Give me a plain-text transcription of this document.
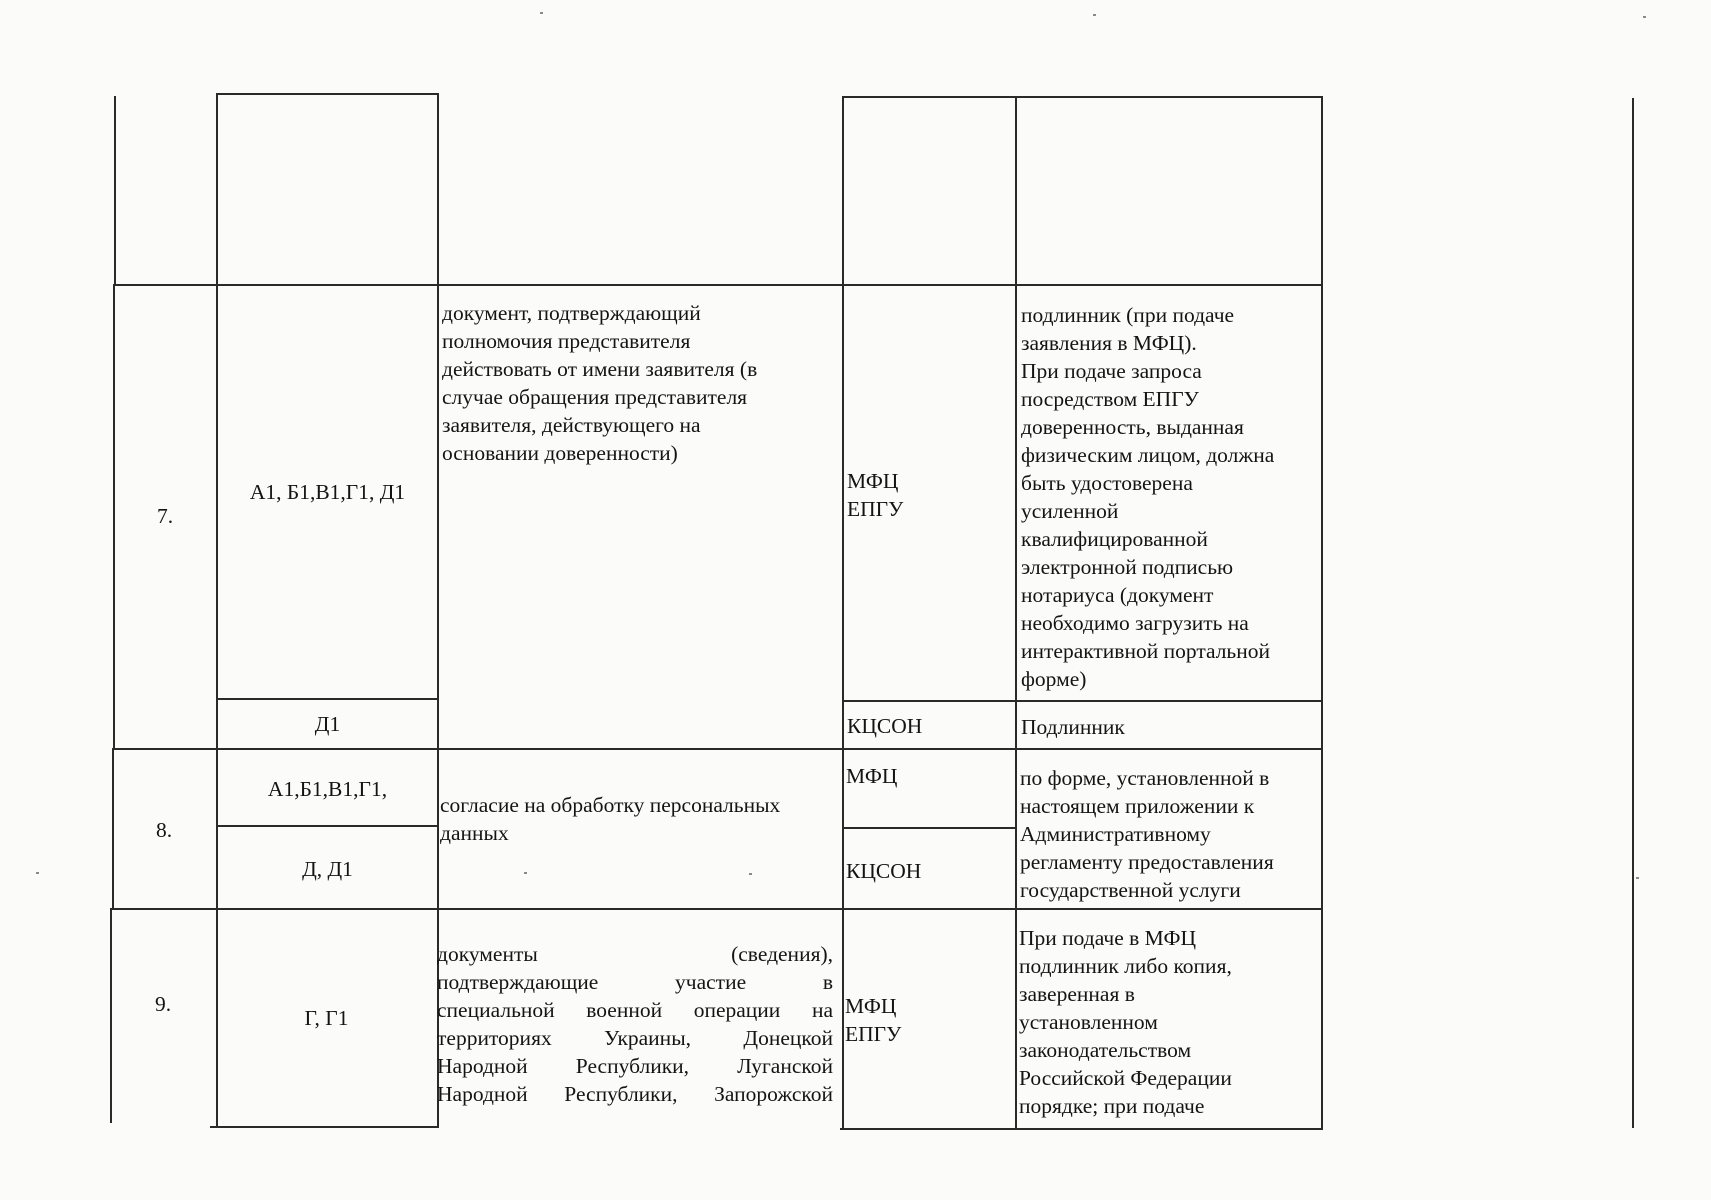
7.
А1, Б1,В1,Г1, Д1
Д1
документ, подтверждающий
полномочия представителя
действовать от имени заявителя (в
случае обращения представителя
заявителя, действующего на
основании доверенности)
МФЦ
ЕПГУ
КЦСОН
подлинник (при подаче
заявления в МФЦ).
При подаче запроса
посредством ЕПГУ
доверенность, выданная
физическим лицом, должна
быть удостоверена
усиленной
квалифицированной
электронной подписью
нотариуса (документ
необходимо загрузить на
интерактивной портальной
форме)
Подлинник
8.
А1,Б1,В1,Г1,
Д, Д1
согласие на обработку персональных
данных
МФЦ
КЦСОН
по форме, установленной в
настоящем приложении к
Административному
регламенту предоставления
государственной услуги
9.
Г, Г1
документы (сведения),
подтверждающие участие в
специальной военной операции на
территориях Украины, Донецкой
Народной Республики, Луганской
Народной Республики, Запорожской
МФЦ
ЕПГУ
При подаче в МФЦ
подлинник либо копия,
заверенная в
установленном
законодательством
Российской Федерации
порядке; при подаче
